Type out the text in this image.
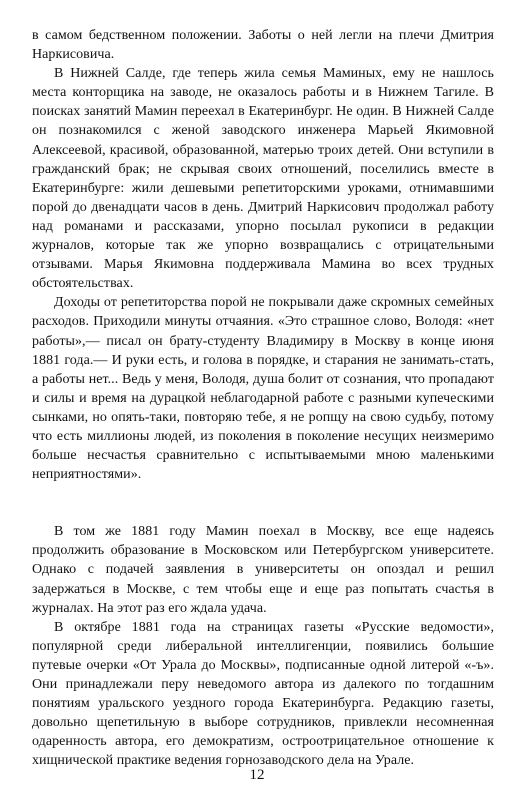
в самом бедственном положении. Заботы о ней легли на плечи Дмитрия Наркисовича.

В Нижней Салде, где теперь жила семья Маминых, ему не нашлось места конторщика на заводе, не оказалось работы и в Нижнем Тагиле. В поисках занятий Мамин переехал в Екатеринбург. Не один. В Нижней Салде он познакомился с женой заводского инженера Марьей Якимовной Алексеевой, красивой, образованной, матерью троих детей. Они вступили в гражданский брак; не скрывая своих отношений, поселились вместе в Екатеринбурге: жили дешевыми репетиторскими уроками, отнимавшими порой до двенадцати часов в день. Дмитрий Наркисович продолжал работу над романами и рассказами, упорно посылал рукописи в редакции журналов, которые так же упорно возвращались с отрицательными отзывами. Марья Якимовна поддерживала Мамина во всех трудных обстоятельствах.

Доходы от репетиторства порой не покрывали даже скромных семейных расходов. Приходили минуты отчаяния. «Это страшное слово, Володя: «нет работы»,— писал он брату-студенту Владимиру в Москву в конце июня 1881 года.— И руки есть, и голова в порядке, и старания не занимать-стать, а работы нет... Ведь у меня, Володя, душа болит от сознания, что пропадают и силы и время на дурацкой неблагодарной работе с разными купеческими сынками, но опять-таки, повторяю тебе, я не ропщу на свою судьбу, потому что есть миллионы людей, из поколения в поколение несущих неизмеримо больше несчастья сравнительно с испытываемыми мною маленькими неприятностями».

В том же 1881 году Мамин поехал в Москву, все еще надеясь продолжить образование в Московском или Петербургском университете. Однако с подачей заявления в университеты он опоздал и решил задержаться в Москве, с тем чтобы еще и еще раз попытать счастья в журналах. На этот раз его ждала удача.

В октябре 1881 года на страницах газеты «Русские ведомости», популярной среди либеральной интеллигенции, появились большие путевые очерки «От Урала до Москвы», подписанные одной литерой «-ъ». Они принадлежали перу неведомого автора из далекого по тогдашним понятиям уральского уездного города Екатеринбурга. Редакцию газеты, довольно щепетильную в выборе сотрудников, привлекли несомненная одаренность автора, его демократизм, остроотрицательное отношение к хищнической практике ведения горнозаводского дела на Урале.

12
